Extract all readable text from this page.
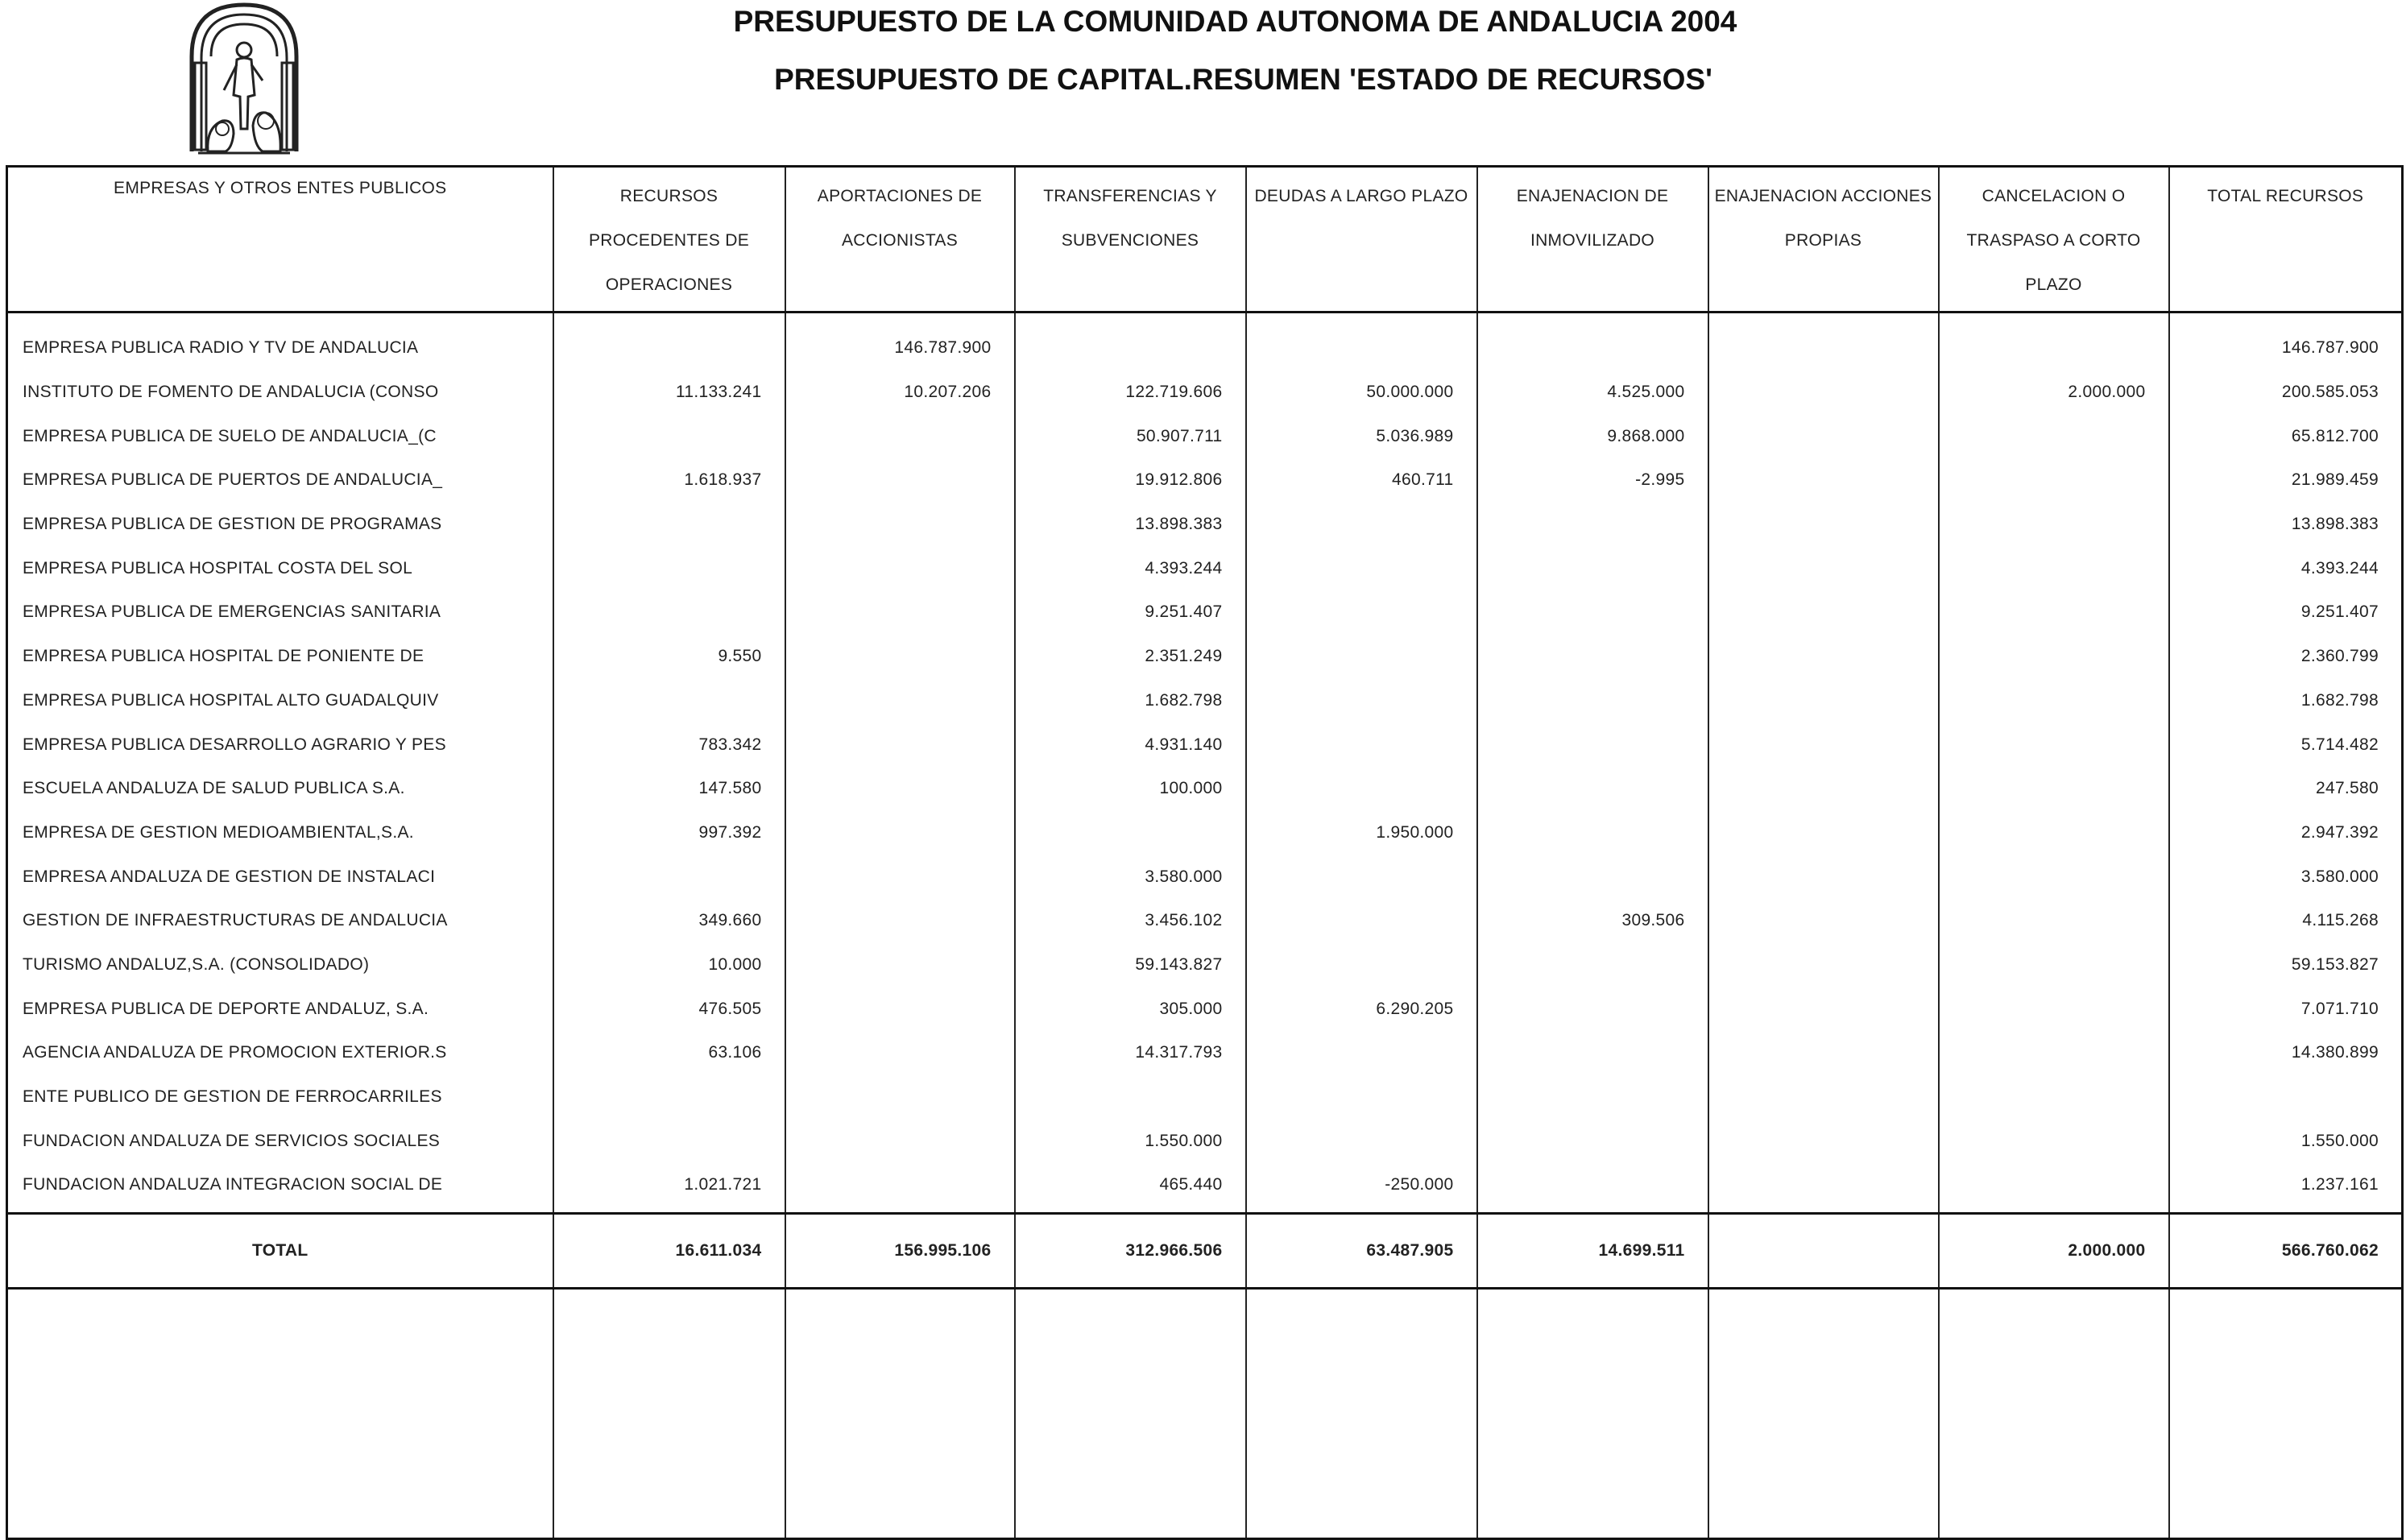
PRESUPUESTO DE LA COMUNIDAD AUTONOMA DE ANDALUCIA 2004
PRESUPUESTO DE CAPITAL.RESUMEN 'ESTADO DE RECURSOS'
EMPRESAS Y OTROS ENTES PUBLICOS	RECURSOS PROCEDENTES DE OPERACIONES	APORTACIONES DE ACCIONISTAS	TRANSFERENCIAS Y SUBVENCIONES	DEUDAS A LARGO PLAZO	ENAJENACION DE INMOVILIZADO	ENAJENACION ACCIONES PROPIAS	CANCELACION O TRASPASO A CORTO PLAZO	TOTAL RECURSOS

EMPRESA PUBLICA RADIO Y TV DE ANDALUCIA		146.787.900						146.787.900
INSTITUTO DE FOMENTO DE ANDALUCIA (CONSO	11.133.241	10.207.206	122.719.606	50.000.000	4.525.000		2.000.000	200.585.053
EMPRESA PUBLICA DE SUELO DE ANDALUCIA_(C			50.907.711	5.036.989	9.868.000			65.812.700
EMPRESA PUBLICA DE PUERTOS DE ANDALUCIA_	1.618.937		19.912.806	460.711	-2.995			21.989.459
EMPRESA PUBLICA DE GESTION DE PROGRAMAS			13.898.383					13.898.383
EMPRESA PUBLICA HOSPITAL COSTA DEL SOL			4.393.244					4.393.244
EMPRESA PUBLICA DE EMERGENCIAS SANITARIA			9.251.407					9.251.407
EMPRESA PUBLICA HOSPITAL DE PONIENTE DE	9.550		2.351.249					2.360.799
EMPRESA PUBLICA HOSPITAL ALTO GUADALQUIV			1.682.798					1.682.798
EMPRESA PUBLICA DESARROLLO AGRARIO Y PES	783.342		4.931.140					5.714.482
ESCUELA ANDALUZA DE SALUD PUBLICA S.A.	147.580		100.000					247.580
EMPRESA DE GESTION MEDIOAMBIENTAL,S.A.	997.392			1.950.000				2.947.392
EMPRESA ANDALUZA DE GESTION DE INSTALACI			3.580.000					3.580.000
GESTION DE INFRAESTRUCTURAS DE ANDALUCIA	349.660		3.456.102		309.506			4.115.268
TURISMO ANDALUZ,S.A. (CONSOLIDADO)	10.000		59.143.827					59.153.827
EMPRESA PUBLICA DE DEPORTE ANDALUZ, S.A.	476.505		305.000	6.290.205				7.071.710
AGENCIA ANDALUZA DE PROMOCION EXTERIOR.S	63.106		14.317.793					14.380.899
ENTE PUBLICO DE GESTION DE FERROCARRILES								
FUNDACION ANDALUZA DE SERVICIOS SOCIALES			1.550.000					1.550.000
FUNDACION ANDALUZA INTEGRACION SOCIAL DE	1.021.721		465.440	-250.000				1.237.161

TOTAL	16.611.034	156.995.106	312.966.506	63.487.905	14.699.511		2.000.000	566.760.062
